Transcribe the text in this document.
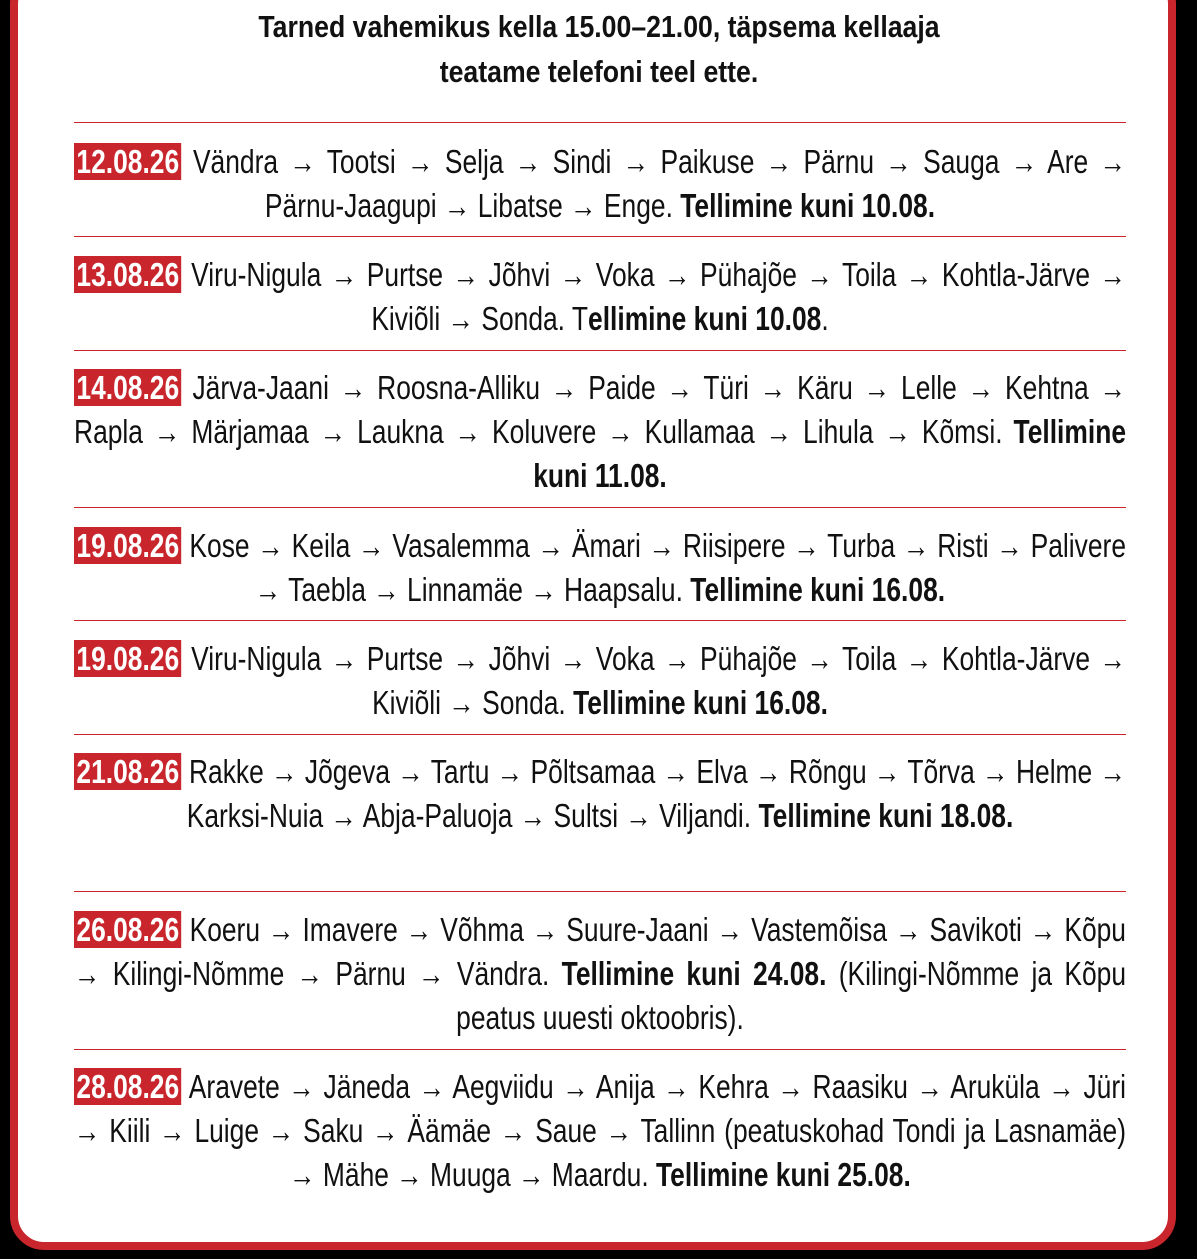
Tarned vahemikus kella 15.00–21.00, täpsema kellaaja
teatame telefoni teel ette.
12.08.26 Vändra → Tootsi → Selja → Sindi → Paikuse → Pärnu → Sauga → Are → Pärnu-Jaagupi → Libatse → Enge. Tellimine kuni 10.08.
13.08.26 Viru-Nigula → Purtse → Jõhvi → Voka → Pühajõe → Toila → Kohtla-Järve → Kiviõli → Sonda. Tellimine kuni 10.08.
14.08.26 Järva-Jaani → Roosna-Alliku → Paide → Türi → Käru → Lelle → Kehtna → Rapla → Märjamaa → Laukna → Koluvere → Kullamaa → Lihula → Kõmsi. Tellimine kuni 11.08.
19.08.26 Kose → Keila → Vasalemma → Ämari → Riisipere → Turba → Risti → Palivere → Taebla → Linnamäe → Haapsalu. Tellimine kuni 16.08.
19.08.26 Viru-Nigula → Purtse → Jõhvi → Voka → Pühajõe → Toila → Kohtla-Järve → Kiviõli → Sonda. Tellimine kuni 16.08.
21.08.26 Rakke → Jõgeva → Tartu → Põltsamaa → Elva → Rõngu → Tõrva → Helme → Karksi-Nuia → Abja-Paluoja → Sultsi → Viljandi. Tellimine kuni 18.08.
26.08.26 Koeru → Imavere → Võhma → Suure-Jaani → Vastemõisa → Savikoti → Kõpu → Kilingi-Nõmme → Pärnu → Vändra. Tellimine kuni 24.08. (Kilingi-Nõmme ja Kõpu peatus uuesti oktoobris).
28.08.26 Aravete → Jäneda → Aegviidu → Anija → Kehra → Raasiku → Aruküla → Jüri → Kiili → Luige → Saku → Äämäe → Saue → Tallinn (peatuskohad Tondi ja Lasnamäe) → Mähe → Muuga → Maardu. Tellimine kuni 25.08.
